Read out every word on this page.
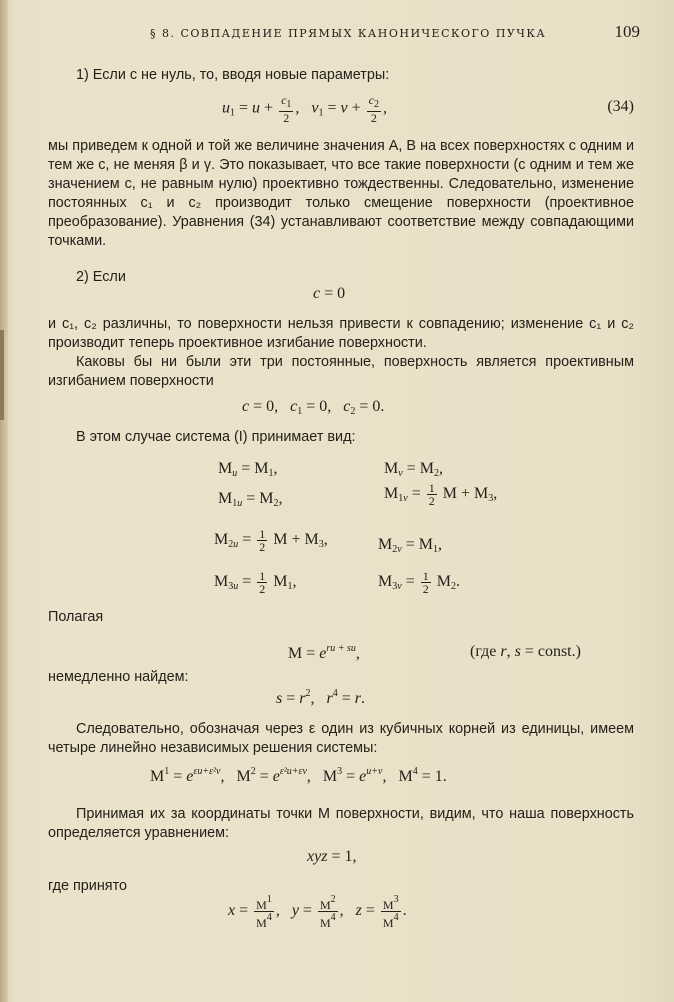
§ 8. СОВПАДЕНИЕ ПРЯМЫХ КАНОНИЧЕСКОГО ПУЧКА	109
1) Если c не нуль, то, вводя новые параметры:
$u_1 = u + \frac{c_1}{2}$ ,   $v_1 = v + \frac{c_2}{2}$ ,	(34)
мы приведем к одной и той же величине значения A, B на всех поверхностях с одним и тем же c, не меняя β и γ. Это показывает, что все такие поверхности (с одним и тем же значением c, не равным нулю) проективно тождественны. Следовательно, изменение постоянных c₁ и c₂ производит только смещение поверхности (проективное преобразование). Уравнения (34) устанавливают соответствие между совпадающими точками.
2) Если
c = 0
и c₁, c₂ различны, то поверхности нельзя привести к совпадению; изменение c₁ и c₂ производит теперь проективное изгибание поверхности.
Каковы бы ни были эти три постоянные, поверхность является проективным изгибанием поверхности
c = 0,   $c_1 = 0$,   $c_2 = 0$.
В этом случае система (I) принимает вид:
$M_u = M_1$,	$M_v = M_2$,
$M_{1u} = M_2$,	$M_{1v} = \frac{1}{2}$ $M + M_3$,
$M_{2u} = \frac{1}{2}$ $M + M_3$,	$M_{2v} = M_1$,
$M_{3u} = \frac{1}{2} M_1$,	$M_{3v} = \frac{1}{2} M_2$.
Полагая
$M = e^{ru + su}$,	(где r, s = const.)
немедленно найдем:
$s = r^2$,   $r^4 = r$.
Следовательно, обозначая через ε один из кубичных корней из единицы, имеем четыре линейно независимых решения системы:
$M^1 = e^{\varepsilon u+\varepsilon^2v}$,   $M^2 = e^{\varepsilon^2u+\varepsilon v}$,   $M^3 = e^{u+v}$,   $M^4 = 1$.
Принимая их за координаты точки M поверхности, видим, что наша поверхность определяется уравнением:
xyz = 1,
где принято
$x = \frac{M^1}{M^4}$ ,   $y = \frac{M^2}{M^4}$ ,   $z = \frac{M^3}{M^4}$ .
